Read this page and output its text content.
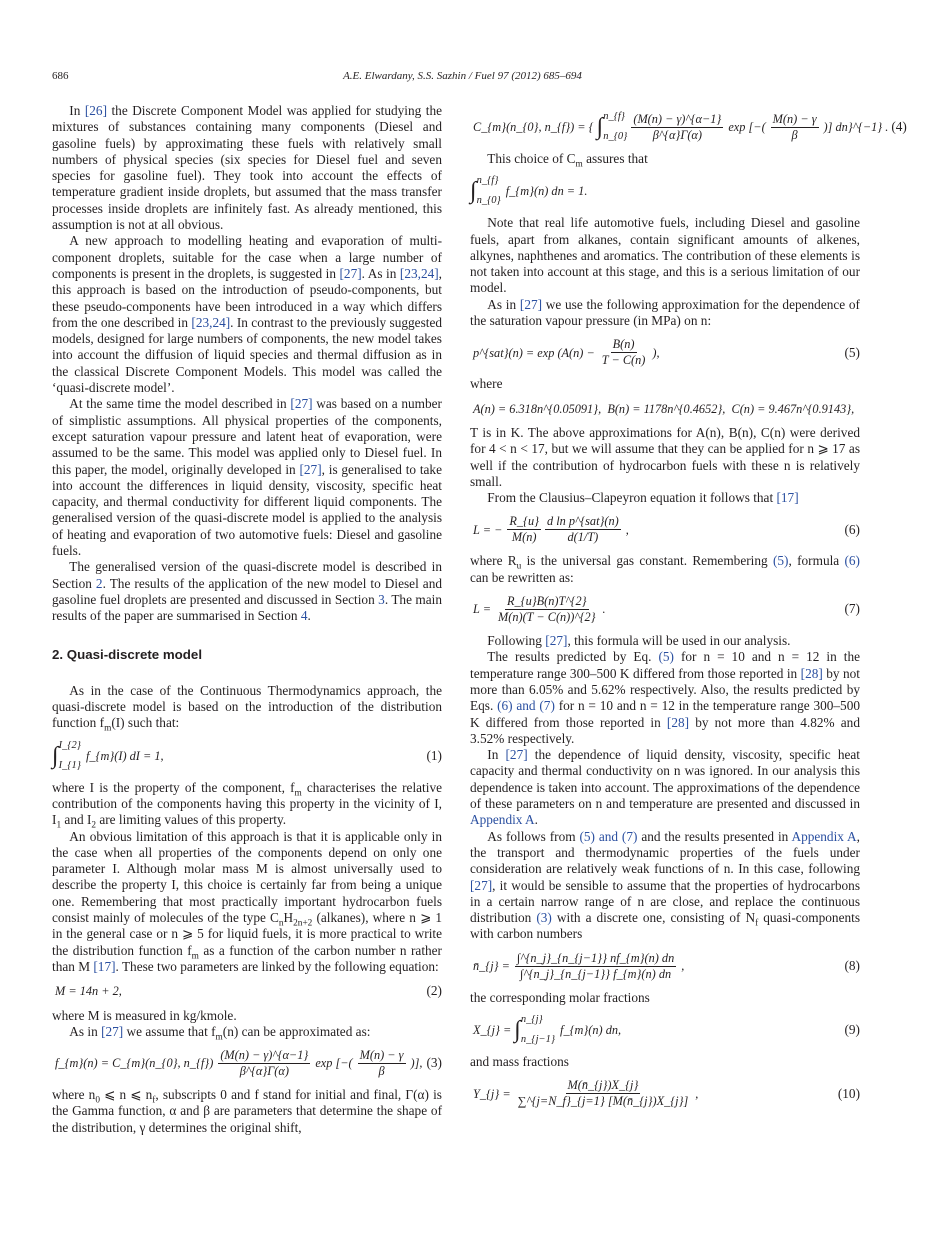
686	A.E. Elwardany, S.S. Sazhin / Fuel 97 (2012) 685–694

In [26] the Discrete Component Model was applied for studying the mixtures of substances containing many components (Diesel and gasoline fuels) by approximating these fuels with relatively small numbers of physical species (six species for Diesel fuel and seven species for gasoline fuel). They took into account the effects of temperature gradient inside droplets, but assumed that the mass transfer processes inside droplets are infinitely fast. As already mentioned, this assumption is not at all obvious.

A new approach to modelling heating and evaporation of multi-component droplets, suitable for the case when a large number of components is present in the droplets, is suggested in [27]. As in [23,24], this approach is based on the introduction of pseudo-components, but these pseudo-components have been introduced in a way which differs from the one described in [23,24]. In contrast to the previously suggested models, designed for large numbers of components, the new model takes into account the diffusion of liquid species and thermal diffusion as in the classical Discrete Component Models. This model was called the ‘quasi-discrete model’.

At the same time the model described in [27] was based on a number of simplistic assumptions. All physical properties of the components, except saturation vapour pressure and latent heat of evaporation, were assumed to be the same. This model was applied only to Diesel fuel. In this paper, the model, originally developed in [27], is generalised to take into account the differences in liquid density, viscosity, specific heat capacity, and thermal conductivity for different liquid components. The generalised version of the quasi-discrete model is applied to the analysis of heating and evaporation of two automotive fuels: Diesel and gasoline fuels.

The generalised version of the quasi-discrete model is described in Section 2. The results of the application of the new model to Diesel and gasoline fuel droplets are presented and discussed in Section 3. The main results of the paper are summarised in Section 4.

2. Quasi-discrete model

As in the case of the Continuous Thermodynamics approach, the quasi-discrete model is based on the introduction of the distribution function $f_m(I)$ such that:

∫ I_{2}
I_{1}
f_{m}(I) dI = 1,	(1)

where I is the property of the component, $f_m$ characterises the relative contribution of the components having this property in the vicinity of I, $I_1$ and $I_2$ are limiting values of this property.

An obvious limitation of this approach is that it is applicable only in the case when all properties of the components depend on only one parameter I. Although molar mass M is almost universally used to describe the property I, this choice is certainly far from being a unique one. Remembering that most practically important hydrocarbon fuels consist mainly of molecules of the type $C_nH_{2n+2}$ (alkanes), where n ⩾ 1 in the general case or n ⩾ 5 for liquid fuels, it is more practical to write the distribution function $f_m$ as a function of the carbon number n rather than M [17]. These two parameters are linked by the following equation:

M = 14n + 2,	(2)

where M is measured in kg/kmole.

As in [27] we assume that $f_m(n)$ can be approximated as:

f_{m}(n) = C_{m}(n_{0}, n_{f}) $\frac{(M(n) - \gamma)\^{}\{\alpha-1\}}{\beta\^{}\{\alpha\}\Gamma(\alpha)}$ exp [−( $\frac{M(n) - \gamma}{\beta}$ )], (3)

where $n_0$ ⩽ n ⩽ $n_f$, subscripts 0 and f stand for initial and final, Γ(α) is the Gamma function, α and β are parameters that determine the shape of the distribution, γ determines the original shift,

C_{m}(n_{0}, n_{f}) = { ∫ n_{f}
n_{0} $\frac{(M(n) - \gamma)\^{}\{\alpha-1\}}{\beta\^{}\{\alpha\}\Gamma(\alpha)}$ exp [−( $\frac{M(n) - \gamma}{\beta}$ )] dn}^{−1} . (4)

This choice of $C_m$ assures that

∫ n_{f}
n_{0}
f_{m}(n) dn = 1.

Note that real life automotive fuels, including Diesel and gasoline fuels, apart from alkanes, contain significant amounts of alkenes, alkynes, naphthenes and aromatics. The contribution of these elements is not taken into account at this stage, and this is a serious limitation of our model.

As in [27] we use the following approximation for the dependence of the saturation vapour pressure (in MPa) on n:

p^{sat}(n) = $\exp (A(n) - \frac{B(n)}{T - C(n)}$ ),	(5)

where

A(n) = 6.318n^{0.05091},  B(n) = 1178n^{0.4652},  C(n) = 9.467n^{0.9143},

T is in K. The above approximations for A(n), B(n), C(n) were derived for 4 < n < 17, but we will assume that they can be applied for n ⩾ 17 as well if the contribution of hydrocarbon fuels with these n is relatively small.

From the Clausius–Clapeyron equation it follows that [17]

L = − $\frac{R\_\{u\}}{M(n)} \frac{\text{d ln p\textasciicircum{}\{sat\}(n)}}{d(1/T)}$ ,	(6)

where $R_u$ is the universal gas constant. Remembering (5), formula (6) can be rewritten as:

$L = \frac{R\_\{u\}B(n)T\^{}\{2\}}{M(n)(T - C(n))\^{}\{2\}}$ .	(7)

Following [27], this formula will be used in our analysis.

The results predicted by Eq. (5) for n = 10 and n = 12 in the temperature range 300–500 K differed from those reported in [28] by not more than 6.05% and 5.62% respectively. Also, the results predicted by Eqs. (6) and (7) for n = 10 and n = 12 in the temperature range 300–500 K differed from those reported in [28] by not more than 4.82% and 3.52% respectively.

In [27] the dependence of liquid density, viscosity, specific heat capacity and thermal conductivity on n was ignored. In our analysis this dependence is taken into account. The approximations of the dependence of these parameters on n and temperature are presented and discussed in Appendix A.

As follows from (5) and (7) and the results presented in Appendix A, the transport and thermodynamic properties of the fuels under consideration are relatively weak functions of n. In this case, following [27], it would be sensible to assume that the properties of hydrocarbons in a certain narrow range of n are close, and replace the continuous distribution (3) with a discrete one, consisting of $N_f$ quasi-components with carbon numbers

n̄_{j} = $\frac{\int\^{}\{n\_j\}\_\{n\_\{j-1\}\} nf\_\{m\}(n) dn}{\int\^{}\{n\_j\}\_\{n\_\{j-1\}\} f\_\{m\}(n) dn}$ ,	(8)

the corresponding molar fractions

X_{j} = ∫ n_{j}
n_{j−1}
f_{m}(n) dn,	(9)

and mass fractions

Y_{j} = $\frac{M(n̄\_\{j\})X\_\{j\}}{\sum\^{}\{j=N\_f\}\_\{j=1\} [M(n̄\_\{j\})X\_\{j\}]}$ ,	(10)
